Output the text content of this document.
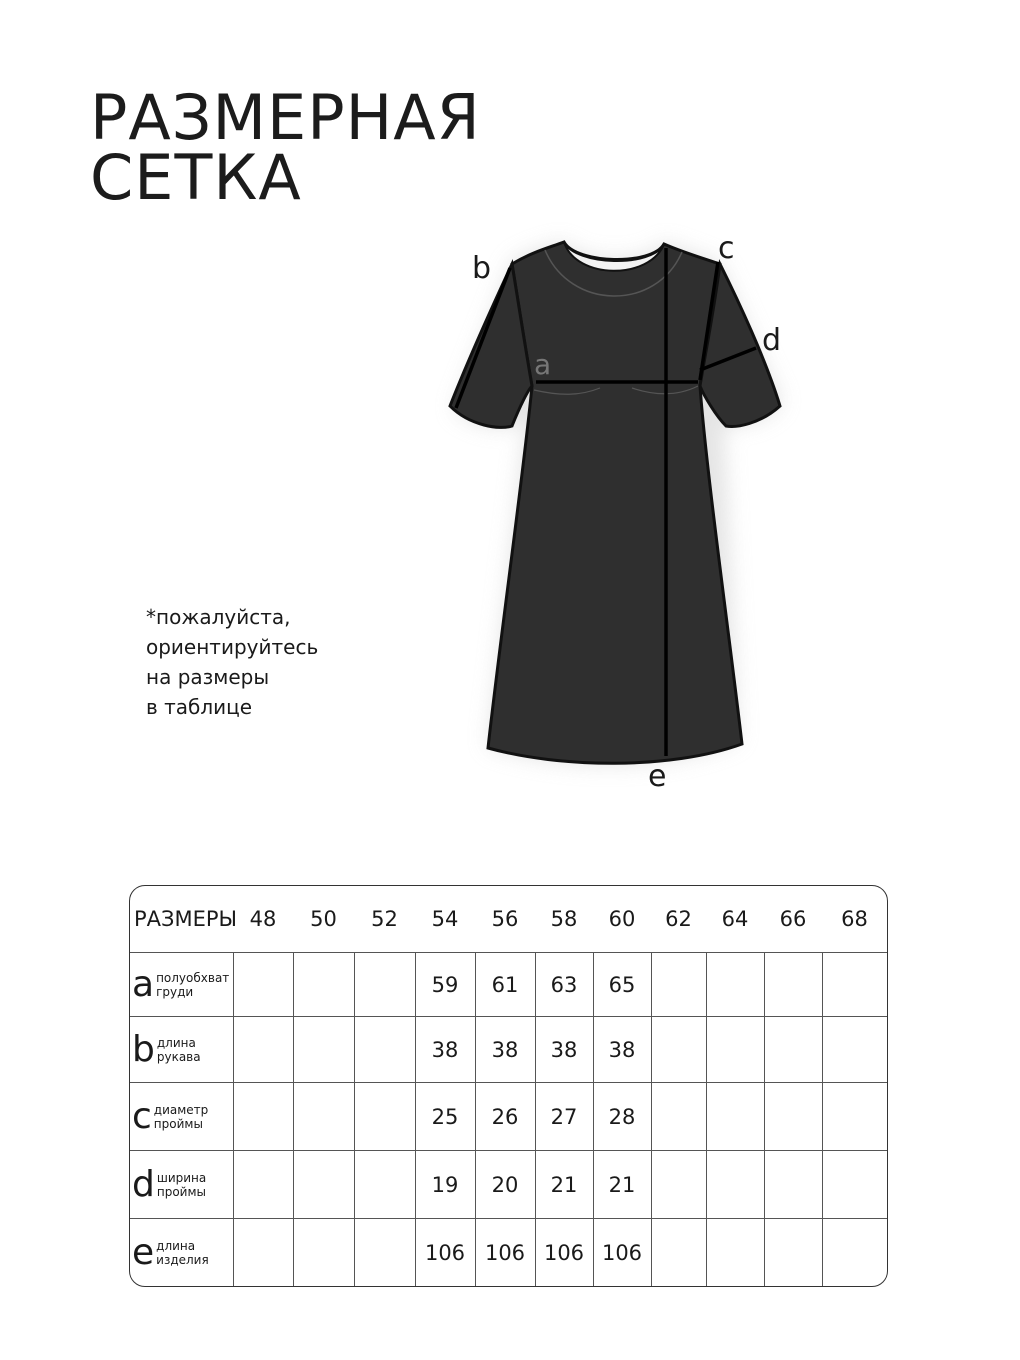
РАЗМЕРНАЯ
СЕТКА
a
b
c
d
e
*пожалуйста,
ориентируйтесь
на размеры
в таблице
РАЗМЕРЫ	48	50	52	54	56	58	60	62	64	66	68
a полуобхват
груди				59	61	63	65				
b длина
рукава				38	38	38	38				
c диаметр
проймы				25	26	27	28				
d ширина
проймы				19	20	21	21				
e длина
изделия				106	106	106	106				
